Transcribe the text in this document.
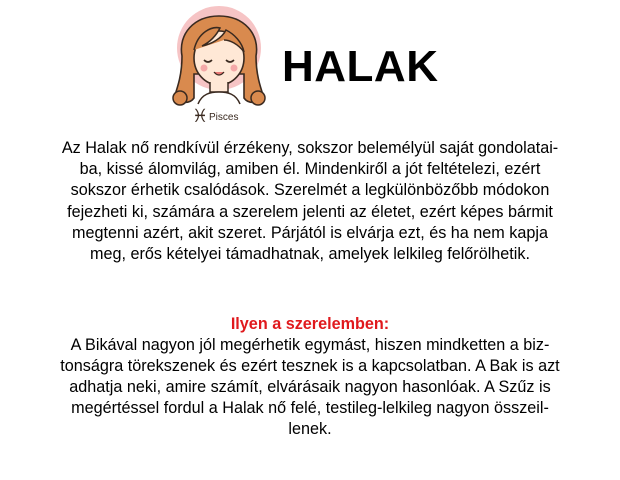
♓ Pisces
HALAK
Az Halak nő rendkívül érzékeny, sokszor belemélyül saját gondolatai-
ba, kissé álomvilág, amiben él. Mindenkiről a jót feltételezi, ezért
sokszor érhetik csalódások. Szerelmét a legkülönbözőbb módokon
fejezheti ki, számára a szerelem jelenti az életet, ezért képes bármit
megtenni azért, akit szeret. Párjától is elvárja ezt, és ha nem kapja
meg, erős kételyei támadhatnak, amelyek lelkileg felőrölhetik.
Ilyen a szerelemben:
A Bikával nagyon jól megérhetik egymást, hiszen mindketten a biz-
tonságra törekszenek és ezért tesznek is a kapcsolatban. A Bak is azt
adhatja neki, amire számít, elvárásaik nagyon hasonlóak. A Szűz is
megértéssel fordul a Halak nő felé, testileg-lelkileg nagyon összeil-
lenek.
